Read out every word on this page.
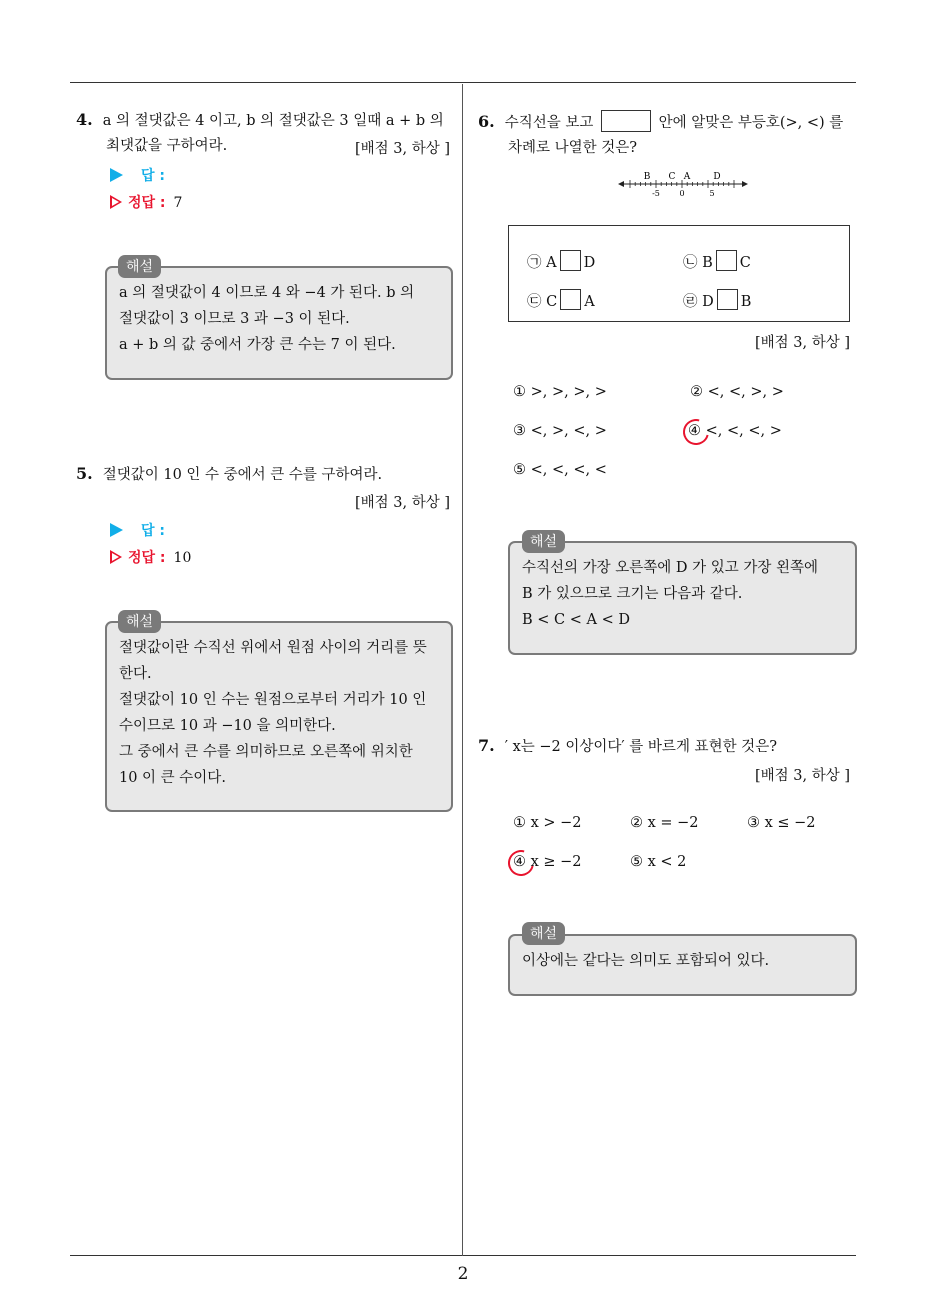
4. a 의 절댓값은 4 이고, b 의 절댓값은 3 일때 a + b 의
최댓값을 구하여라.	[배점 3, 하상 ]
답 :
정답 : 7
a 의 절댓값이 4 이므로 4 와 −4 가 된다. b 의
절댓값이 3 이므로 3 과 −3 이 된다.
a + b 의 값 중에서 가장 큰 수는 7 이 된다.
해설
5. 절댓값이 10 인 수 중에서 큰 수를 구하여라.
[배점 3, 하상 ]
답 :
정답 : 10
절댓값이란 수직선 위에서 원점 사이의 거리를 뜻
한다.
절댓값이 10 인 수는 원점으로부터 거리가 10 인
수이므로 10 과 −10 을 의미한다.
그 중에서 큰 수를 의미하므로 오른쪽에 위치한
10 이 큰 수이다.
해설
6. 수직선을 보고	안에 알맞은 부등호(>, <) 를
차례로 나열한 것은?
B C A	D
-5 0	5
㉠ A D	㉡ B C
㉢ C A	㉣ D B
[배점 3, 하상 ]
① >, >, >, >	② <, <, >, >
③ <, >, <, >	④ <, <, <, >
⑤ <, <, <, <
수직선의 가장 오른쪽에 D 가 있고 가장 왼쪽에
B 가 있으므로 크기는 다음과 같다.
B < C < A < D
해설
7. ′ x는 −2 이상이다′ 를 바르게 표현한 것은?
[배점 3, 하상 ]
① x > −2	② x = −2	③ x ≤ −2
④ x ≥ −2	⑤ x < 2
이상에는 같다는 의미도 포함되어 있다.
해설
2
